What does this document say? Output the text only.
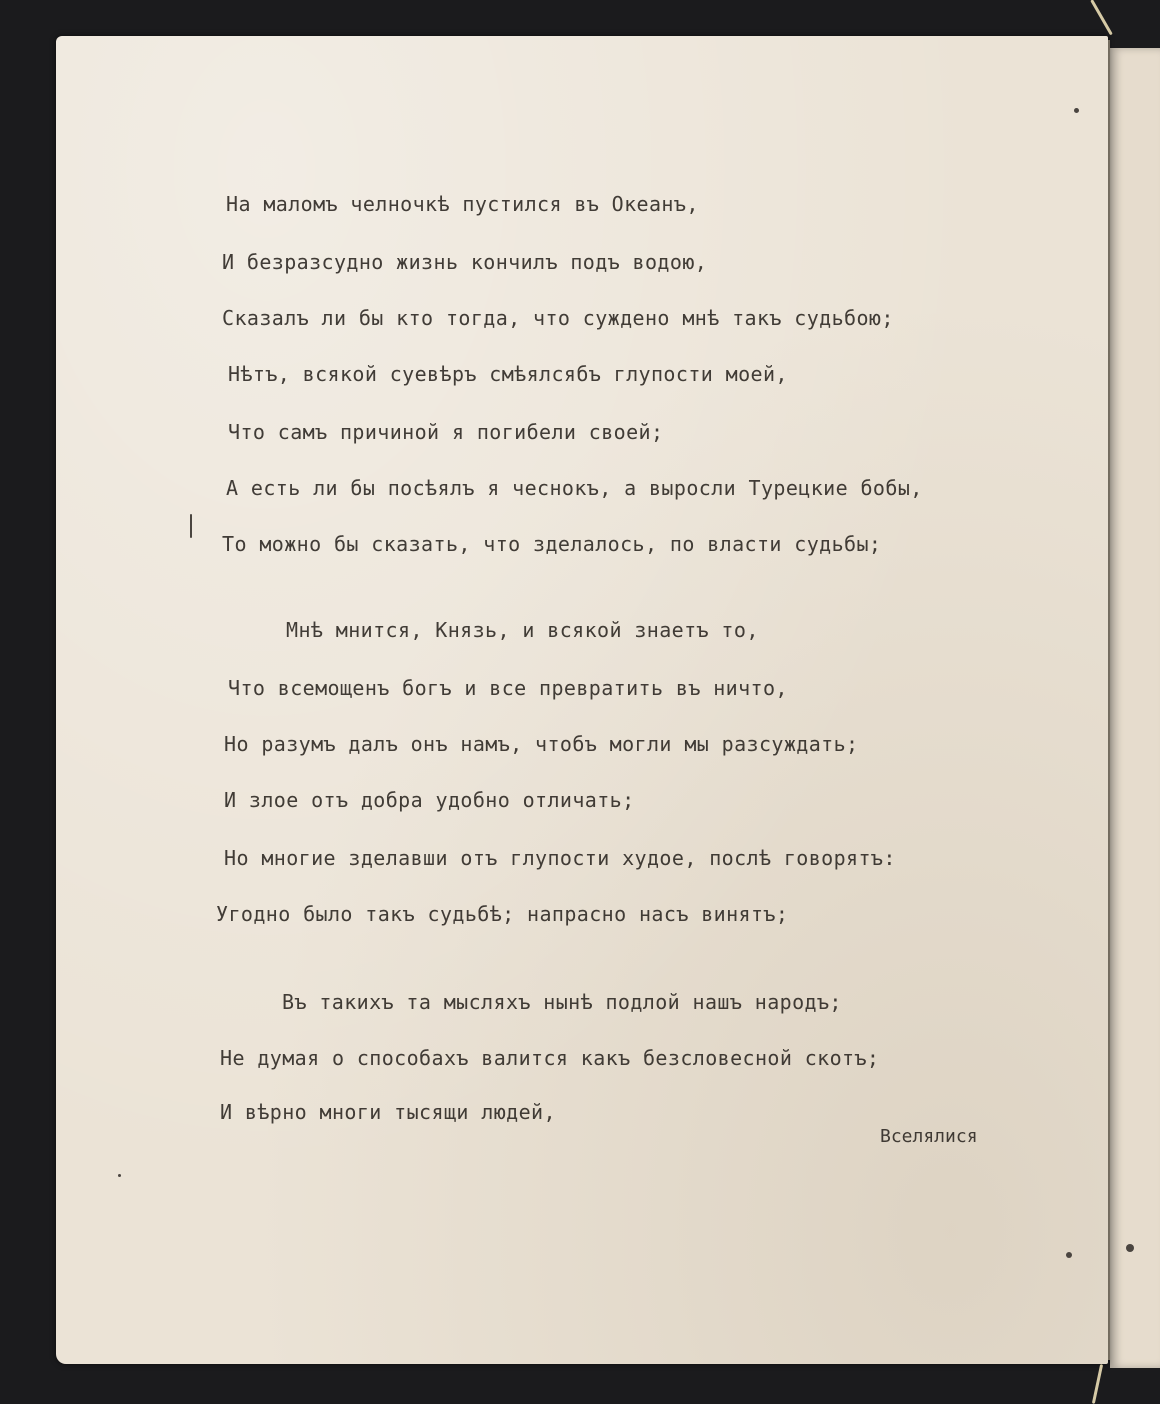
На маломъ челночкѣ пустился въ Океанъ,
И безразсудно жизнь кончилъ подъ водою,
Сказалъ ли бы кто тогда, что суждено мнѣ такъ судьбою;
Нѣтъ, всякой суевѣръ смѣялсябъ глупости моей,
Что самъ причиной я погибели своей;
А есть ли бы посѣялъ я чеснокъ, а выросли Турецкие бобы,
То можно бы сказать, что зделалось, по власти судьбы;
Мнѣ мнится, Князь, и всякой знаетъ то,
Что всемощенъ богъ и все превратить въ ничто,
Но разумъ далъ онъ намъ, чтобъ могли мы разсуждать;
И злое отъ добра удобно отличать;
Но многие зделавши отъ глупости худое, послѣ говорятъ:
Угодно было такъ судьбѣ; напрасно насъ винятъ;
Въ такихъ та мысляхъ нынѣ подлой нашъ народъ;
Не думая о способахъ валится какъ безсловесной скотъ;
И вѣрно многи тысящи людей,
Вселялися
